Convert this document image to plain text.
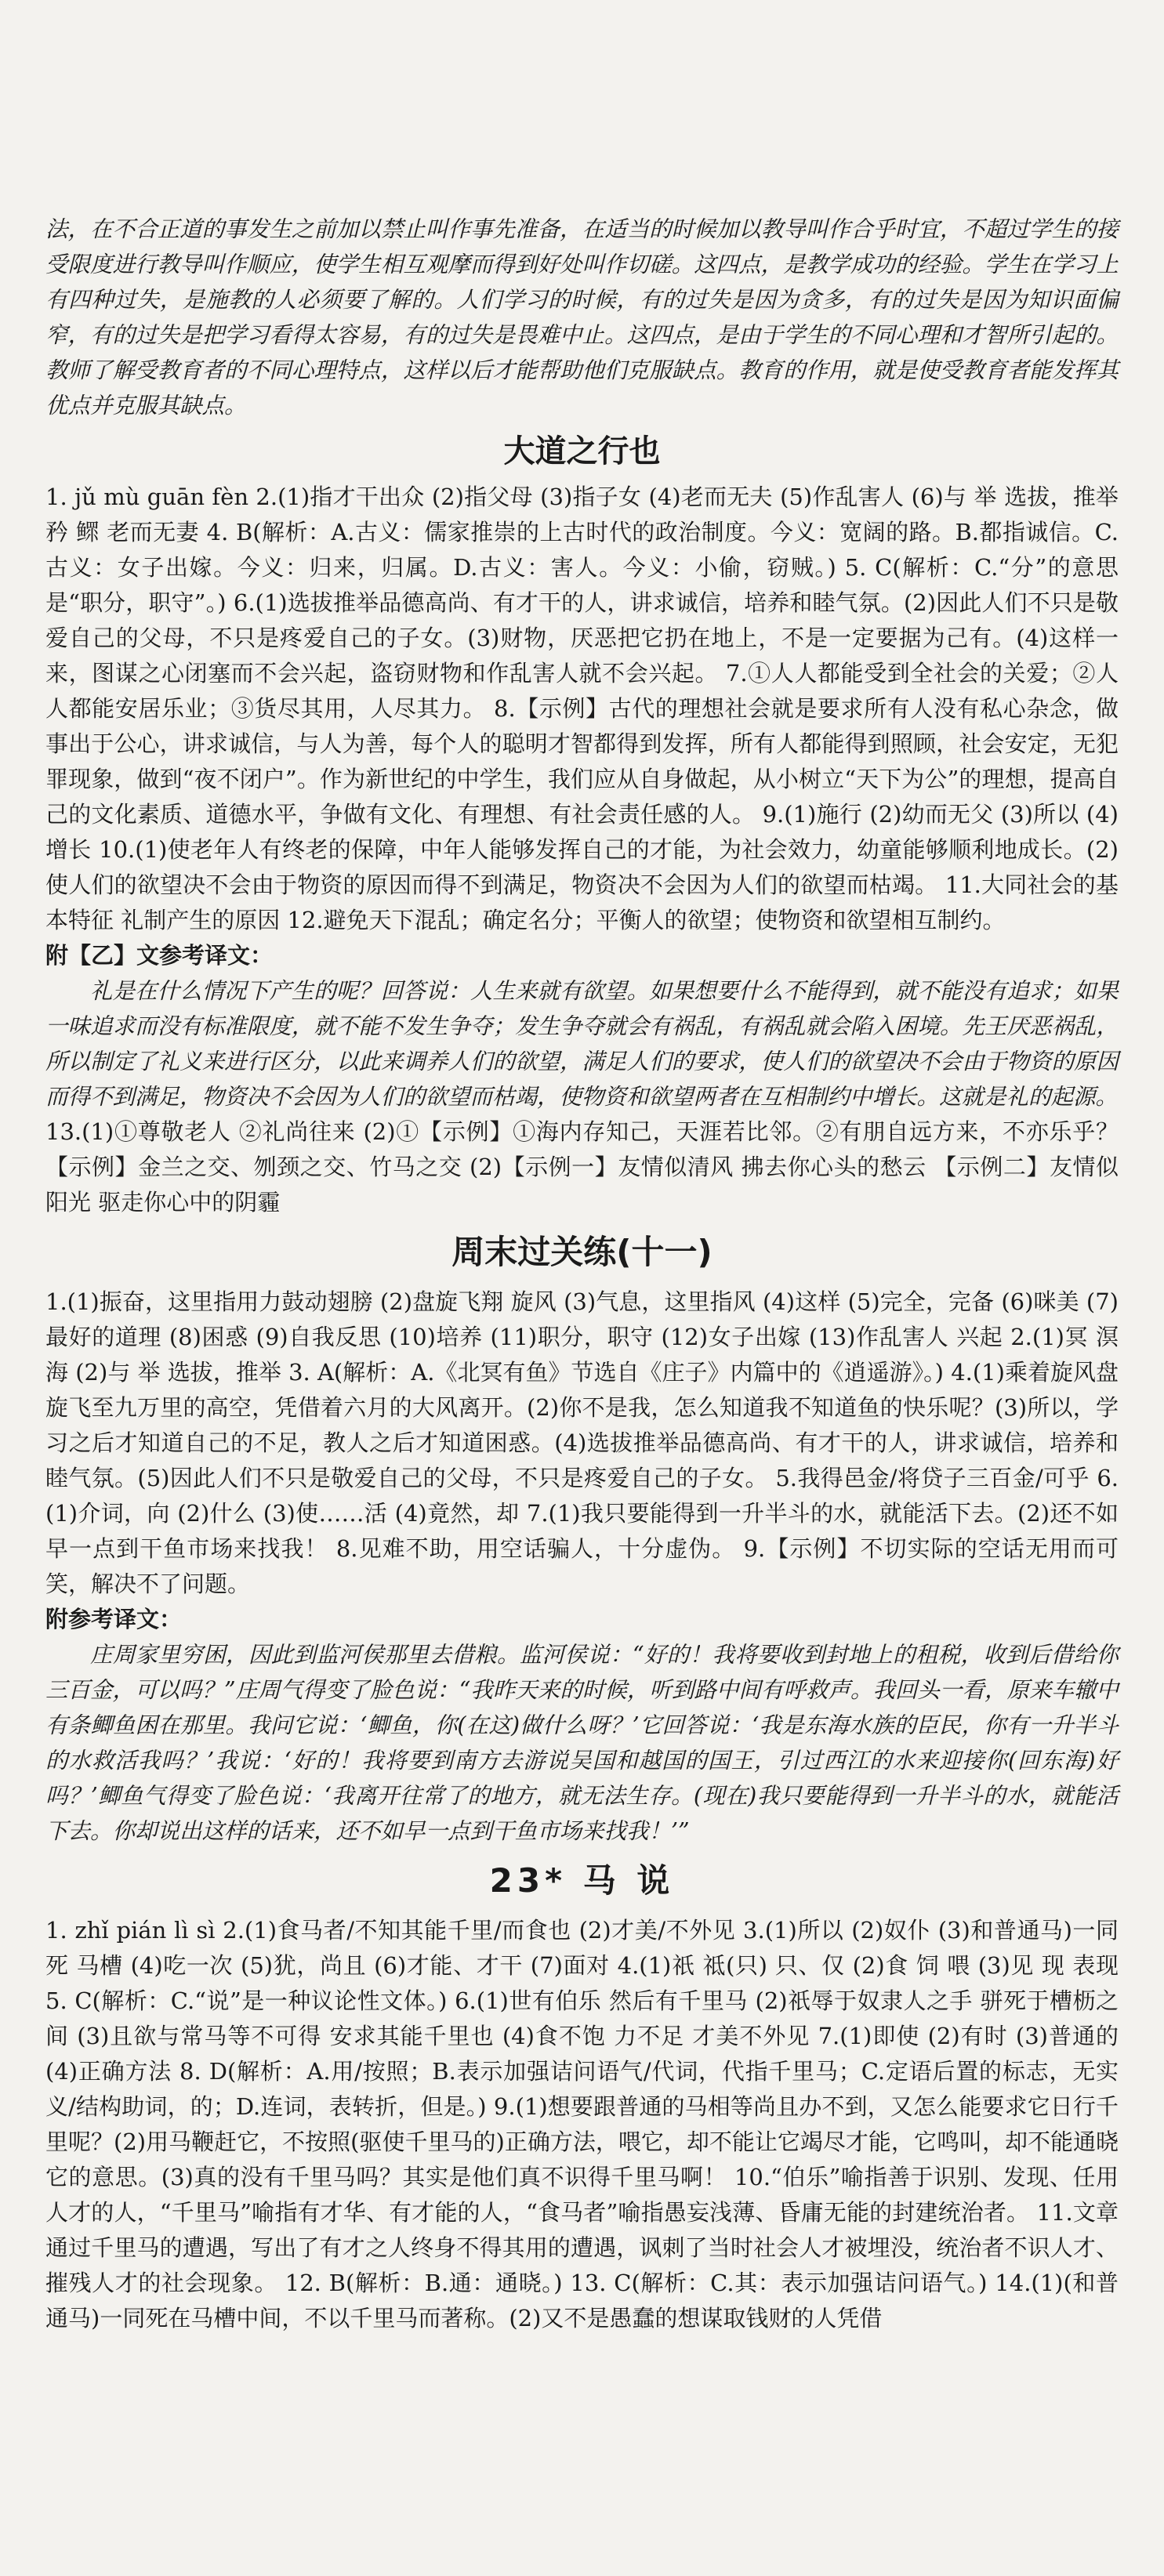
法，在不合正道的事发生之前加以禁止叫作事先准备，在适当的时候加以教导叫作合乎时宜，不超过学生的接受限度进行教导叫作顺应，使学生相互观摩而得到好处叫作切磋。这四点，是教学成功的经验。学生在学习上有四种过失，是施教的人必须要了解的。人们学习的时候，有的过失是因为贪多，有的过失是因为知识面偏窄，有的过失是把学习看得太容易，有的过失是畏难中止。这四点，是由于学生的不同心理和才智所引起的。教师了解受教育者的不同心理特点，这样以后才能帮助他们克服缺点。教育的作用，就是使受教育者能发挥其优点并克服其缺点。

大道之行也

1. jǔ mù guān fèn 2.(1)指才干出众 (2)指父母 (3)指子女 (4)老而无夫 (5)作乱害人 (6)与 举 选拔，推举 矜 鳏 老而无妻 4. B(解析：A.古义：儒家推崇的上古时代的政治制度。今义：宽阔的路。B.都指诚信。C.古义：女子出嫁。今义：归来，归属。D.古义：害人。今义：小偷，窃贼。) 5. C(解析：C.“分”的意思是“职分，职守”。) 6.(1)选拔推举品德高尚、有才干的人，讲求诚信，培养和睦气氛。(2)因此人们不只是敬爱自己的父母，不只是疼爱自己的子女。(3)财物，厌恶把它扔在地上，不是一定要据为己有。(4)这样一来，图谋之心闭塞而不会兴起，盗窃财物和作乱害人就不会兴起。 7.①人人都能受到全社会的关爱；②人人都能安居乐业；③货尽其用，人尽其力。 8.【示例】古代的理想社会就是要求所有人没有私心杂念，做事出于公心，讲求诚信，与人为善，每个人的聪明才智都得到发挥，所有人都能得到照顾，社会安定，无犯罪现象，做到“夜不闭户”。作为新世纪的中学生，我们应从自身做起，从小树立“天下为公”的理想，提高自己的文化素质、道德水平，争做有文化、有理想、有社会责任感的人。 9.(1)施行 (2)幼而无父 (3)所以 (4)增长 10.(1)使老年人有终老的保障，中年人能够发挥自己的才能，为社会效力，幼童能够顺利地成长。(2)使人们的欲望决不会由于物资的原因而得不到满足，物资决不会因为人们的欲望而枯竭。 11.大同社会的基本特征 礼制产生的原因 12.避免天下混乱；确定名分；平衡人的欲望；使物资和欲望相互制约。

附【乙】文参考译文：

礼是在什么情况下产生的呢？回答说：人生来就有欲望。如果想要什么不能得到，就不能没有追求；如果一味追求而没有标准限度，就不能不发生争夺；发生争夺就会有祸乱，有祸乱就会陷入困境。先王厌恶祸乱，所以制定了礼义来进行区分，以此来调养人们的欲望，满足人们的要求，使人们的欲望决不会由于物资的原因而得不到满足，物资决不会因为人们的欲望而枯竭，使物资和欲望两者在互相制约中增长。这就是礼的起源。

13.(1)①尊敬老人 ②礼尚往来 (2)①【示例】①海内存知己，天涯若比邻。②有朋自远方来，不亦乐乎？ 【示例】金兰之交、刎颈之交、竹马之交 (2)【示例一】友情似清风 拂去你心头的愁云 【示例二】友情似阳光 驱走你心中的阴霾

周末过关练(十一)

1.(1)振奋，这里指用力鼓动翅膀 (2)盘旋飞翔 旋风 (3)气息，这里指风 (4)这样 (5)完全，完备 (6)咪美 (7)最好的道理 (8)困惑 (9)自我反思 (10)培养 (11)职分，职守 (12)女子出嫁 (13)作乱害人 兴起 2.(1)冥 溟 海 (2)与 举 选拔，推举 3. A(解析：A.《北冥有鱼》节选自《庄子》内篇中的《逍遥游》。) 4.(1)乘着旋风盘旋飞至九万里的高空，凭借着六月的大风离开。(2)你不是我，怎么知道我不知道鱼的快乐呢？(3)所以，学习之后才知道自己的不足，教人之后才知道困惑。(4)选拔推举品德高尚、有才干的人，讲求诚信，培养和睦气氛。(5)因此人们不只是敬爱自己的父母，不只是疼爱自己的子女。 5.我得邑金/将贷子三百金/可乎 6.(1)介词，向 (2)什么 (3)使……活 (4)竟然，却 7.(1)我只要能得到一升半斗的水，就能活下去。(2)还不如早一点到干鱼市场来找我！ 8.见难不助，用空话骗人，十分虚伪。 9.【示例】不切实际的空话无用而可笑，解决不了问题。

附参考译文：

庄周家里穷困，因此到监河侯那里去借粮。监河侯说：“好的！我将要收到封地上的租税，收到后借给你三百金，可以吗？”庄周气得变了脸色说：“我昨天来的时候，听到路中间有呼救声。我回头一看，原来车辙中有条鲫鱼困在那里。我问它说：‘鲫鱼，你(在这)做什么呀？’它回答说：‘我是东海水族的臣民，你有一升半斗的水救活我吗？’我说：‘好的！我将要到南方去游说吴国和越国的国王，引过西江的水来迎接你(回东海)好吗？’鲫鱼气得变了脸色说：‘我离开往常了的地方，就无法生存。(现在)我只要能得到一升半斗的水，就能活下去。你却说出这样的话来，还不如早一点到干鱼市场来找我！’”

23* 马 说

1. zhǐ pián lì sì 2.(1)食马者/不知其能千里/而食也 (2)才美/不外见 3.(1)所以 (2)奴仆 (3)和普通马)一同死 马槽 (4)吃一次 (5)犹，尚且 (6)才能、才干 (7)面对 4.(1)祇 祗(只) 只、仅 (2)食 饲 喂 (3)见 现 表现 5. C(解析：C.“说”是一种议论性文体。) 6.(1)世有伯乐 然后有千里马 (2)祇辱于奴隶人之手 骈死于槽枥之间 (3)且欲与常马等不可得 安求其能千里也 (4)食不饱 力不足 才美不外见 7.(1)即使 (2)有时 (3)普通的 (4)正确方法 8. D(解析：A.用/按照；B.表示加强诘问语气/代词，代指千里马；C.定语后置的标志，无实义/结构助词，的；D.连词，表转折，但是。) 9.(1)想要跟普通的马相等尚且办不到，又怎么能要求它日行千里呢？(2)用马鞭赶它，不按照(驱使千里马的)正确方法，喂它，却不能让它竭尽才能，它鸣叫，却不能通晓它的意思。(3)真的没有千里马吗？其实是他们真不识得千里马啊！ 10.“伯乐”喻指善于识别、发现、任用人才的人，“千里马”喻指有才华、有才能的人，“食马者”喻指愚妄浅薄、昏庸无能的封建统治者。 11.文章通过千里马的遭遇，写出了有才之人终身不得其用的遭遇，讽刺了当时社会人才被埋没，统治者不识人才、摧残人才的社会现象。 12. B(解析：B.通：通晓。) 13. C(解析：C.其：表示加强诘问语气。) 14.(1)(和普通马)一同死在马槽中间，不以千里马而著称。(2)又不是愚蠢的想谋取钱财的人凭借
